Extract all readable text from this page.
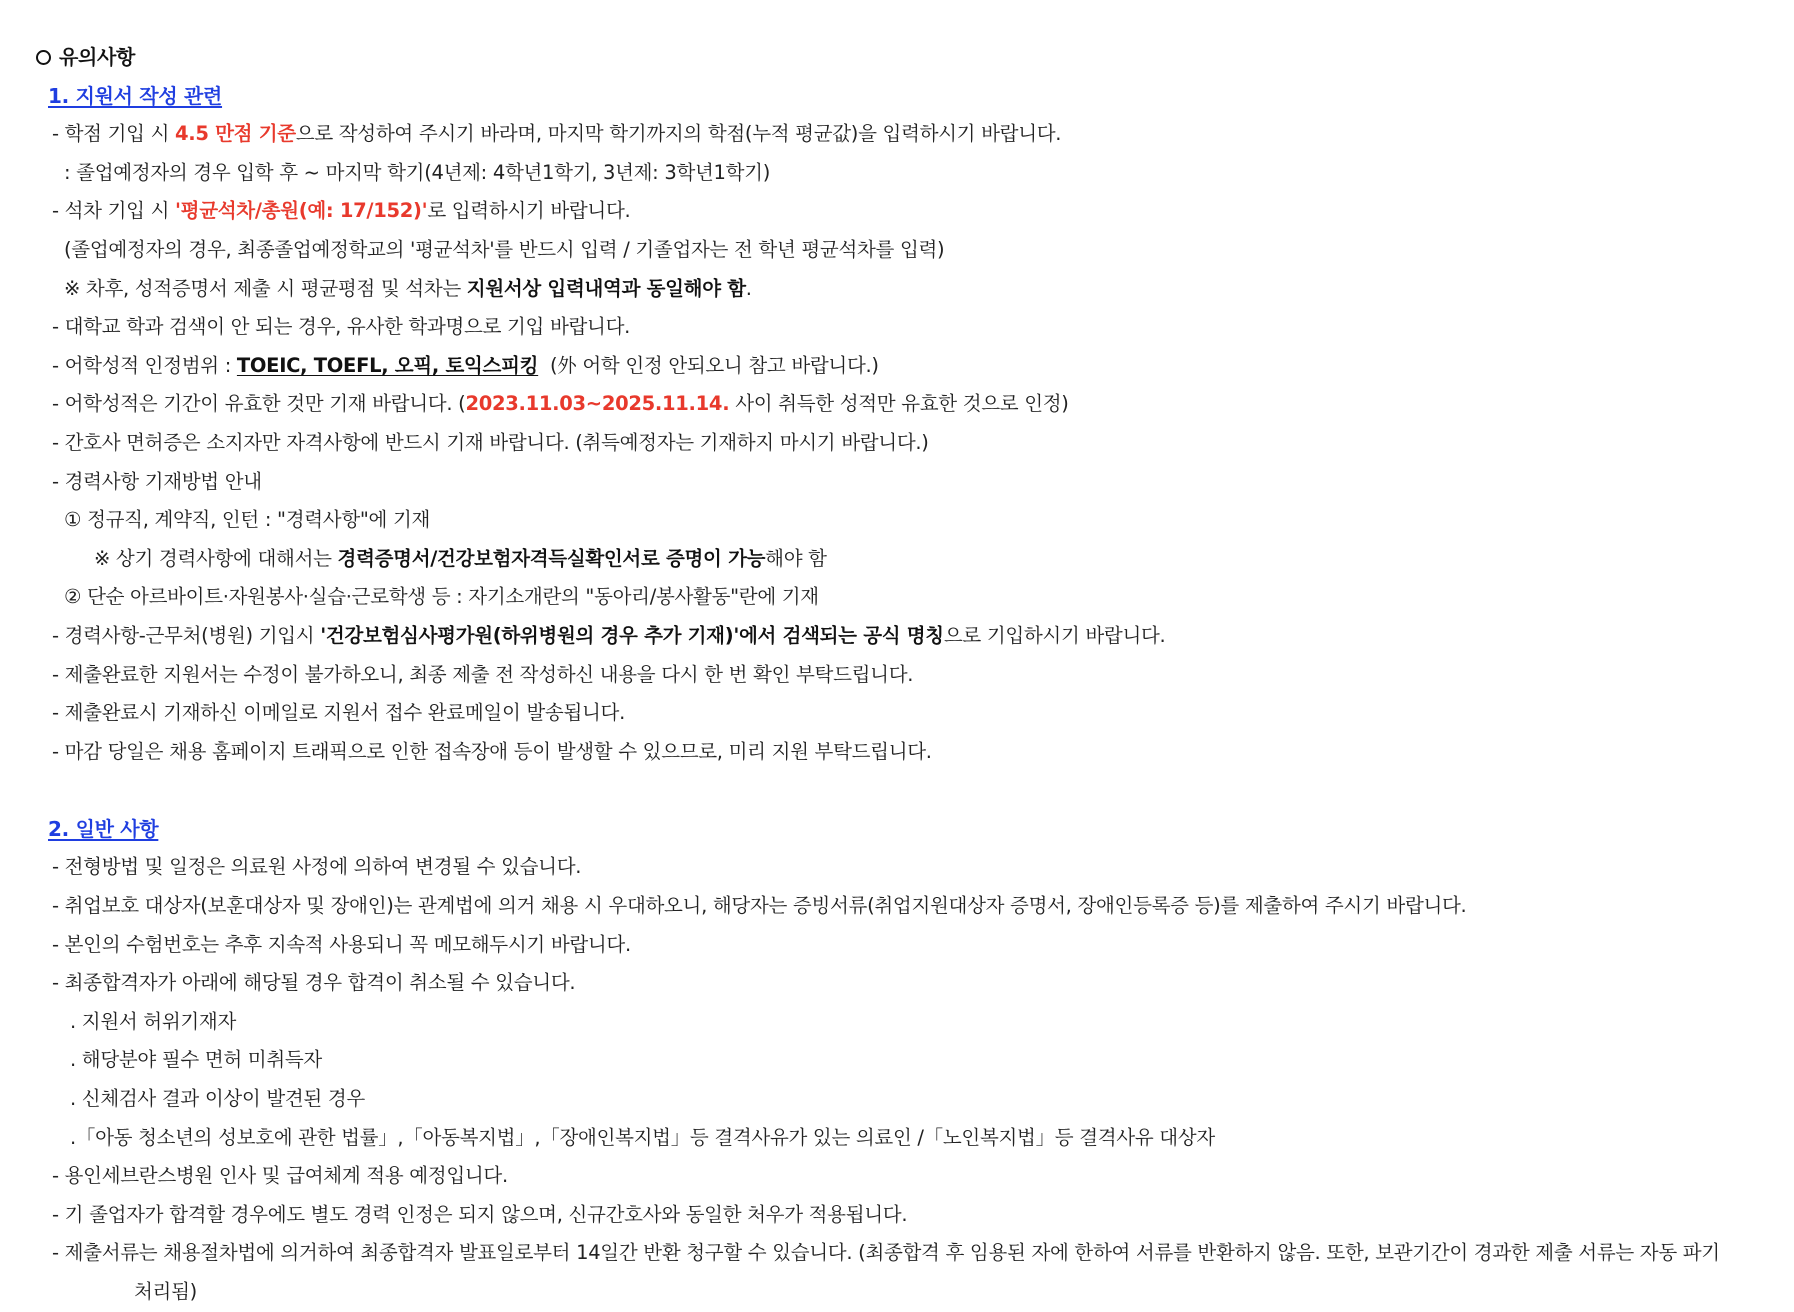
유의사항
1. 지원서 작성 관련
- 학점 기입 시 4.5 만점 기준으로 작성하여 주시기 바라며, 마지막 학기까지의 학점(누적 평균값)을 입력하시기 바랍니다.
: 졸업예정자의 경우 입학 후 ~ 마지막 학기(4년제: 4학년1학기, 3년제: 3학년1학기)
- 석차 기입 시 '평균석차/총원(예: 17/152)'로 입력하시기 바랍니다.
(졸업예정자의 경우, 최종졸업예정학교의 '평균석차'를 반드시 입력 / 기졸업자는 전 학년 평균석차를 입력)
※ 차후, 성적증명서 제출 시 평균평점 및 석차는 지원서상 입력내역과 동일해야 함.
- 대학교 학과 검색이 안 되는 경우, 유사한 학과명으로 기입 바랍니다.
- 어학성적 인정범위 : TOEIC, TOEFL, 오픽, 토익스피킹  (外 어학 인정 안되오니 참고 바랍니다.)
- 어학성적은 기간이 유효한 것만 기재 바랍니다. (2023.11.03~2025.11.14. 사이 취득한 성적만 유효한 것으로 인정)
- 간호사 면허증은 소지자만 자격사항에 반드시 기재 바랍니다. (취득예정자는 기재하지 마시기 바랍니다.)
- 경력사항 기재방법 안내
① 정규직, 계약직, 인턴 : "경력사항"에 기재
※ 상기 경력사항에 대해서는 경력증명서/건강보험자격득실확인서로 증명이 가능해야 함
② 단순 아르바이트·자원봉사·실습·근로학생 등 : 자기소개란의 "동아리/봉사활동"란에 기재
- 경력사항-근무처(병원) 기입시 '건강보험심사평가원(하위병원의 경우 추가 기재)'에서 검색되는 공식 명칭으로 기입하시기 바랍니다.
- 제출완료한 지원서는 수정이 불가하오니, 최종 제출 전 작성하신 내용을 다시 한 번 확인 부탁드립니다.
- 제출완료시 기재하신 이메일로 지원서 접수 완료메일이 발송됩니다.
- 마감 당일은 채용 홈페이지 트래픽으로 인한 접속장애 등이 발생할 수 있으므로, 미리 지원 부탁드립니다.
2. 일반 사항
- 전형방법 및 일정은 의료원 사정에 의하여 변경될 수 있습니다.
- 취업보호 대상자(보훈대상자 및 장애인)는 관계법에 의거 채용 시 우대하오니, 해당자는 증빙서류(취업지원대상자 증명서, 장애인등록증 등)를 제출하여 주시기 바랍니다.
- 본인의 수험번호는 추후 지속적 사용되니 꼭 메모해두시기 바랍니다.
- 최종합격자가 아래에 해당될 경우 합격이 취소될 수 있습니다.
. 지원서 허위기재자
. 해당분야 필수 면허 미취득자
. 신체검사 결과 이상이 발견된 경우
.「아동 청소년의 성보호에 관한 법률」,「아동복지법」,「장애인복지법」등 결격사유가 있는 의료인 /「노인복지법」등 결격사유 대상자
- 용인세브란스병원 인사 및 급여체계 적용 예정입니다.
- 기 졸업자가 합격할 경우에도 별도 경력 인정은 되지 않으며, 신규간호사와 동일한 처우가 적용됩니다.
- 제출서류는 채용절차법에 의거하여 최종합격자 발표일로부터 14일간 반환 청구할 수 있습니다. (최종합격 후 임용된 자에 한하여 서류를 반환하지 않음. 또한, 보관기간이 경과한 제출 서류는 자동 파기
처리됨)
